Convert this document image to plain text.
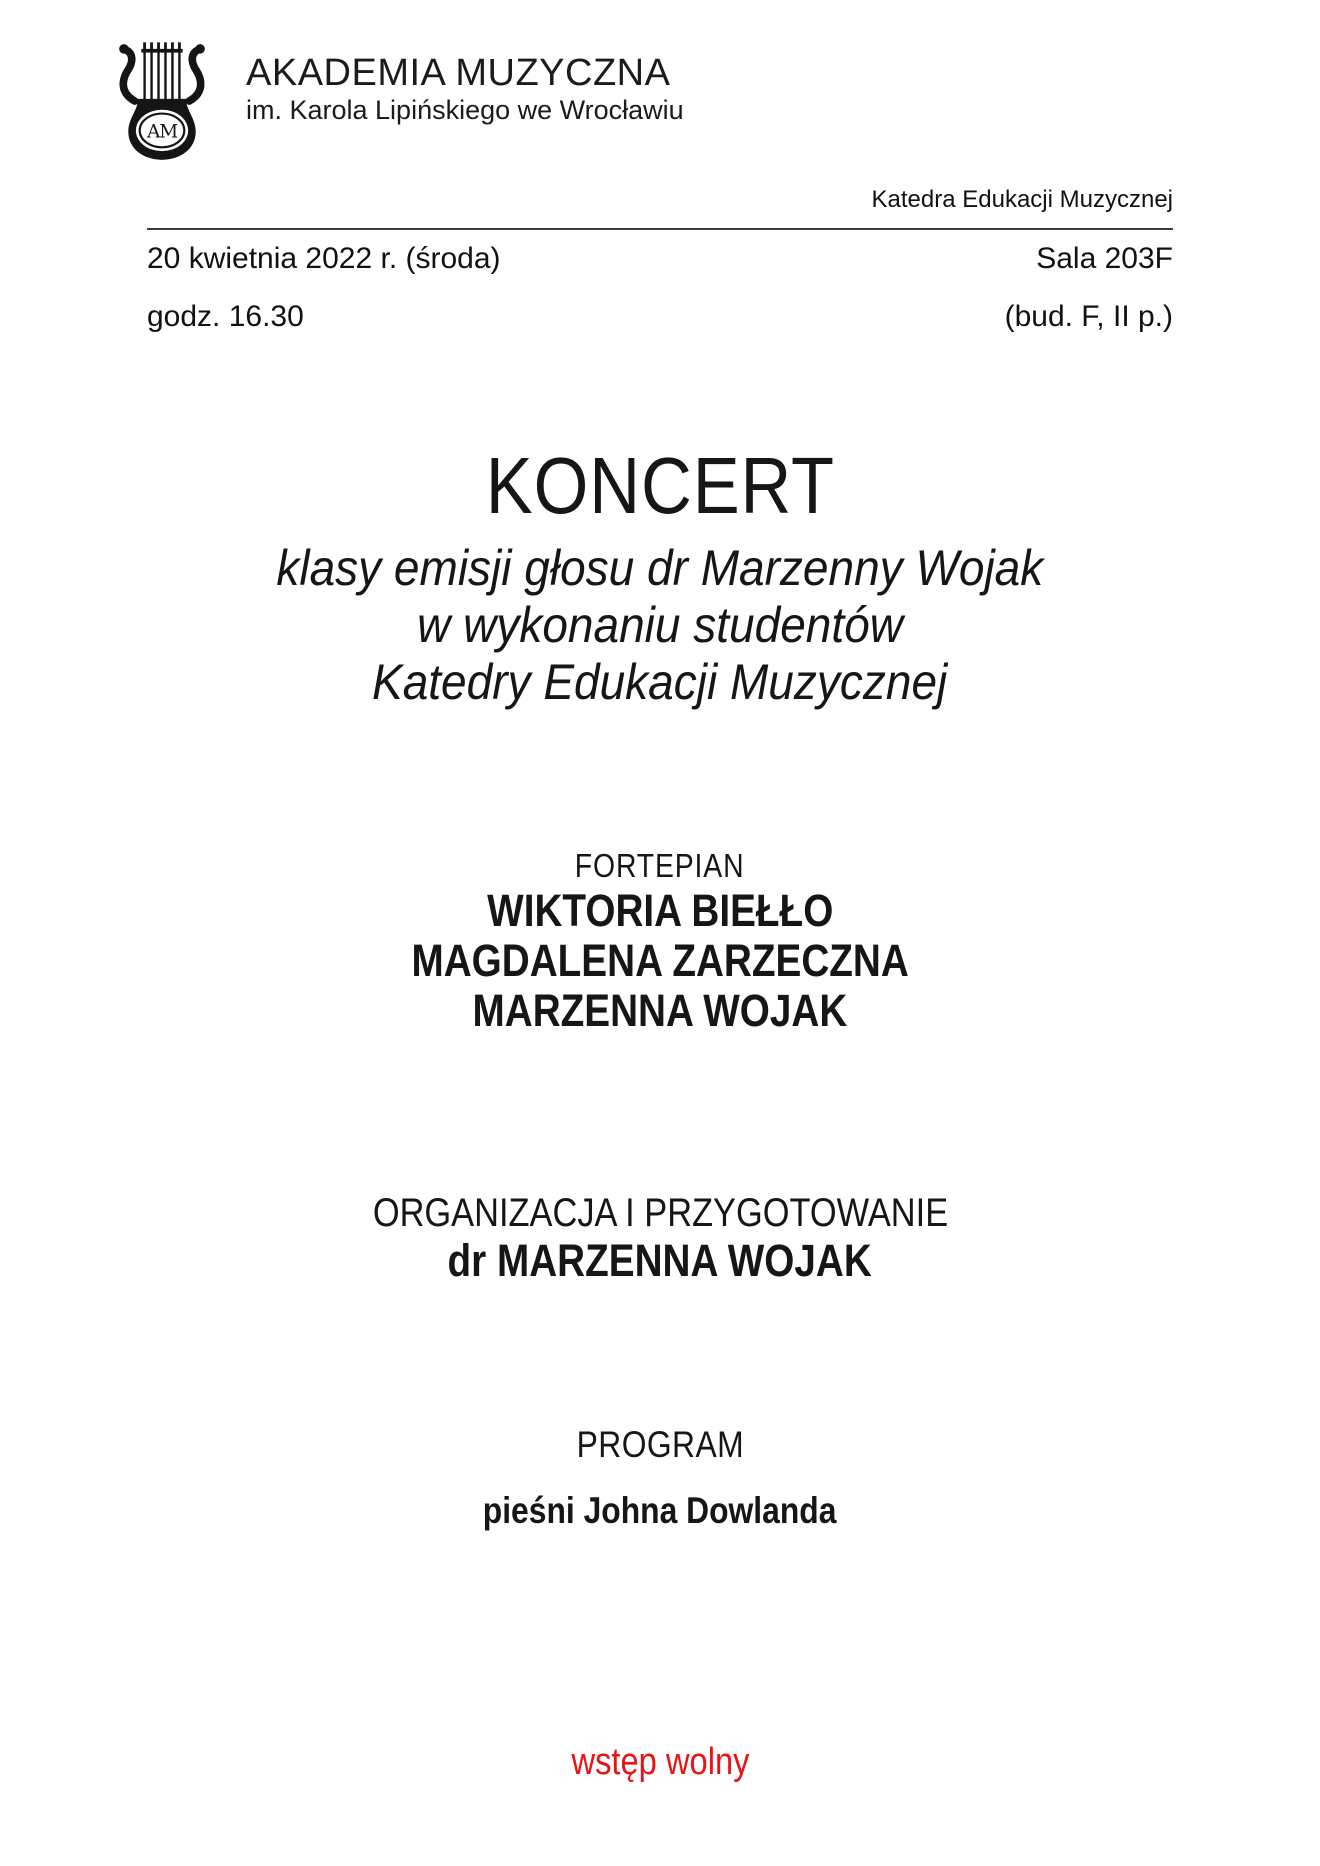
AM
AKADEMIA MUZYCZNA
im. Karola Lipińskiego we Wrocławiu
Katedra Edukacji Muzycznej
20 kwietnia 2022 r. (środa)	Sala 203F
godz. 16.30	(bud. F, II p.)
KONCERT
klasy emisji głosu dr Marzenny Wojak
w wykonaniu studentów
Katedry Edukacji Muzycznej
FORTEPIAN
WIKTORIA BIEŁŁO
MAGDALENA ZARZECZNA
MARZENNA WOJAK
ORGANIZACJA I PRZYGOTOWANIE
dr MARZENNA WOJAK
PROGRAM
pieśni Johna Dowlanda
wstęp wolny
